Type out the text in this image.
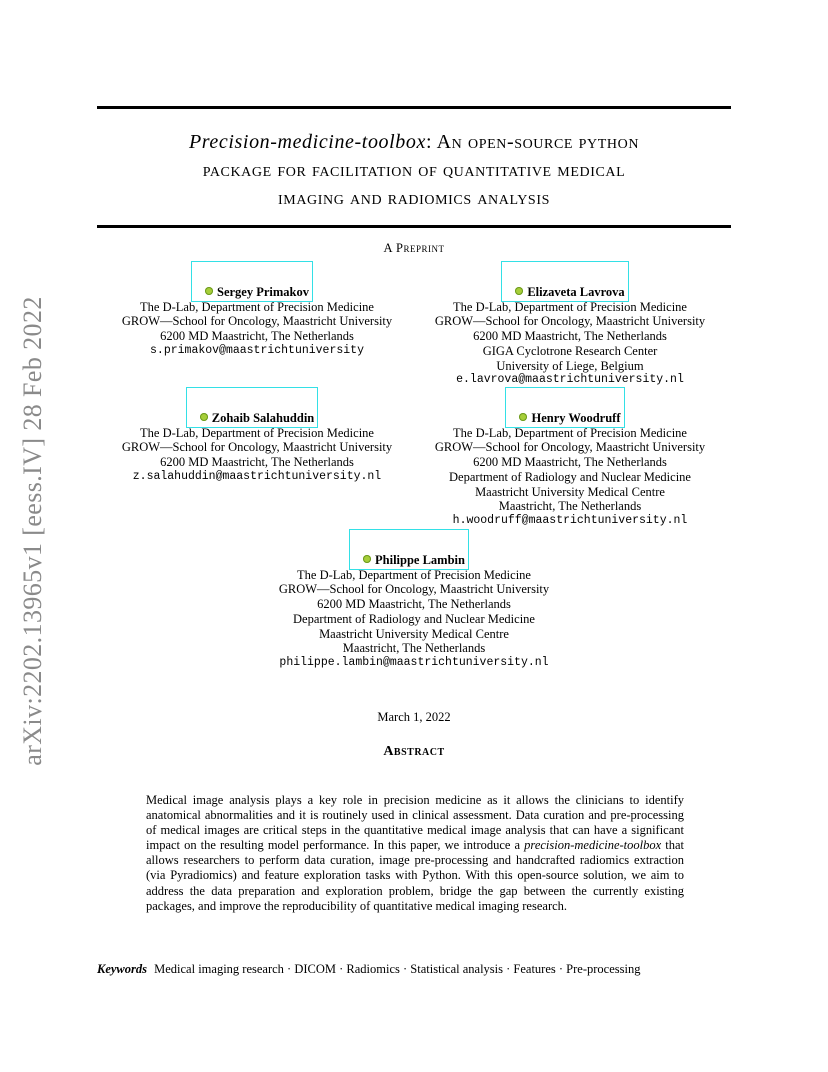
Precision-medicine-toolbox: An open-source python
package for facilitation of quantitative medical
imaging and radiomics analysis
A Preprint
arXiv:2202.13965v1 [eess.IV] 28 Feb 2022
Sergey Primakov
The D-Lab, Department of Precision Medicine
GROW—School for Oncology, Maastricht University
6200 MD Maastricht, The Netherlands
s.primakov@maastrichtuniversity
Elizaveta Lavrova
The D-Lab, Department of Precision Medicine
GROW—School for Oncology, Maastricht University
6200 MD Maastricht, The Netherlands
GIGA Cyclotrone Research Center
University of Liege, Belgium
e.lavrova@maastrichtuniversity.nl
Zohaib Salahuddin
The D-Lab, Department of Precision Medicine
GROW—School for Oncology, Maastricht University
6200 MD Maastricht, The Netherlands
z.salahuddin@maastrichtuniversity.nl
Henry Woodruff
The D-Lab, Department of Precision Medicine
GROW—School for Oncology, Maastricht University
6200 MD Maastricht, The Netherlands
Department of Radiology and Nuclear Medicine
Maastricht University Medical Centre
Maastricht, The Netherlands
h.woodruff@maastrichtuniversity.nl
Philippe Lambin
The D-Lab, Department of Precision Medicine
GROW—School for Oncology, Maastricht University
6200 MD Maastricht, The Netherlands
Department of Radiology and Nuclear Medicine
Maastricht University Medical Centre
Maastricht, The Netherlands
philippe.lambin@maastrichtuniversity.nl
March 1, 2022
Abstract
Medical image analysis plays a key role in precision medicine as it allows the clinicians to identify anatomical abnormalities and it is routinely used in clinical assessment. Data curation and pre-processing of medical images are critical steps in the quantitative medical image analysis that can have a significant impact on the resulting model performance. In this paper, we introduce a precision-medicine-toolbox that allows researchers to perform data curation, image pre-processing and handcrafted radiomics extraction (via Pyradiomics) and feature exploration tasks with Python. With this open-source solution, we aim to address the data preparation and exploration problem, bridge the gap between the currently existing packages, and improve the reproducibility of quantitative medical imaging research.
Keywords Medical imaging research · DICOM · Radiomics · Statistical analysis · Features · Pre-processing
